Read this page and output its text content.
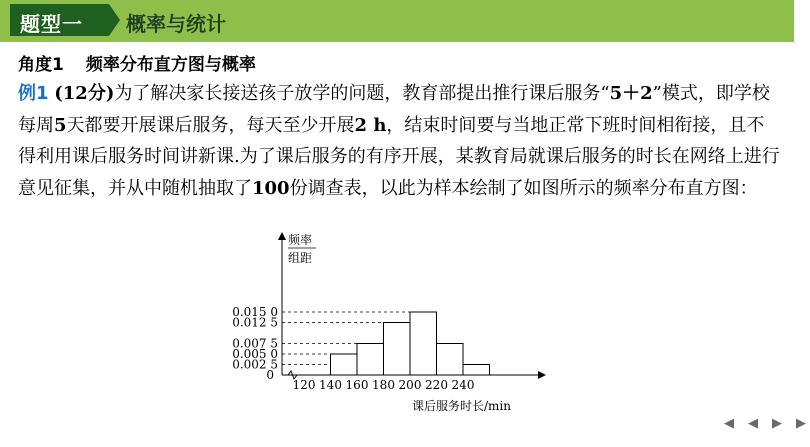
题型一 概率与统计
角度1 频率分布直方图与概率

例1 (12分)为了解决家长接送孩子放学的问题，教育部提出推行课后服务“5＋2”模式，即学校每周5天都要开展课后服务，每天至少开展2 h，结束时间要与当地正常下班时间相衔接，且不得利用课后服务时间讲新课.为了课后服务的有序开展，某教育局就课后服务的时长在网络上进行意见征集，并从中随机抽取了100份调查表，以此为样本绘制了如图所示的频率分布直方图：

0.002 5
0.005 0
0.007 5
0.012 5
0.015 0
0
120 140 160 180 200 220 240
频率
组距
课后服务时长/min
◀	◀	▶	▶
